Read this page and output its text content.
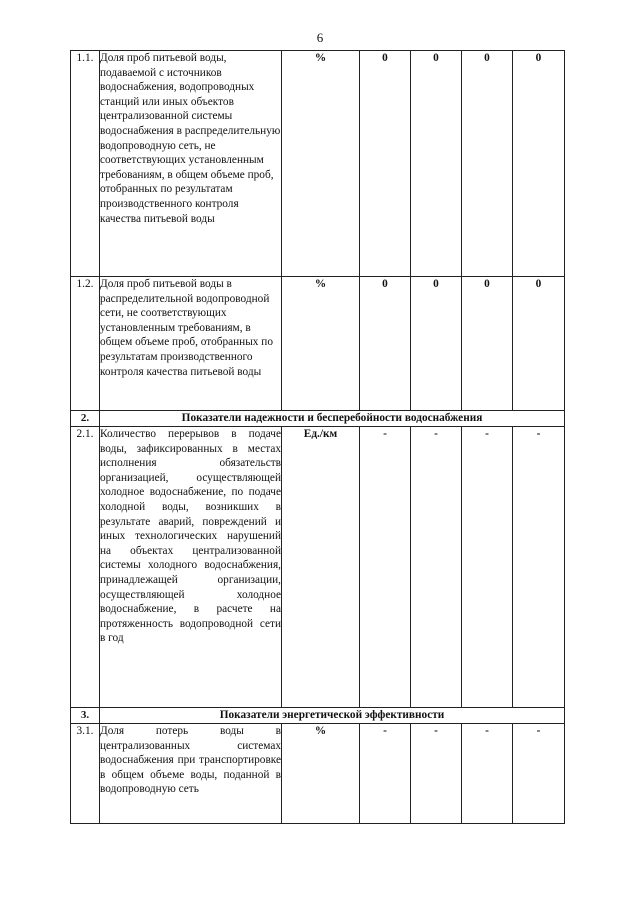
6
1.1.	Доля проб питьевой воды, подаваемой с источников водоснабжения, водопроводных станций или иных объектов централизованной системы водоснабжения в распределительную водопроводную сеть, не соответствующих установленным требованиям, в общем объеме проб, отобранных по результатам производственного контроля качества питьевой воды	%	0	0	0	0
1.2.	Доля проб питьевой воды в распределительной водопроводной сети, не соответствующих установленным требованиям, в общем объеме проб, отобранных по результатам производственного контроля качества питьевой воды	%	0	0	0	0
2.	Показатели надежности и бесперебойности водоснабжения					
2.1.	Количество перерывов в подаче воды, зафиксированных в местах исполнения обязательств организацией, осуществляющей холодное водоснабжение, по подаче холодной воды, возникших в результате аварий, повреждений и иных технологических нарушений на объектах централизованной системы холодного водоснабжения, принадлежащей организации, осуществляющей холодное водоснабжение, в расчете на протяженность водопроводной сети в год	Ед./км	-	-	-	-
3.	Показатели энергетической эффективности					
3.1.	Доля потерь воды в централизованных системах водоснабжения при транспортировке в общем объеме воды, поданной в водопроводную сеть	%	-	-	-	-
